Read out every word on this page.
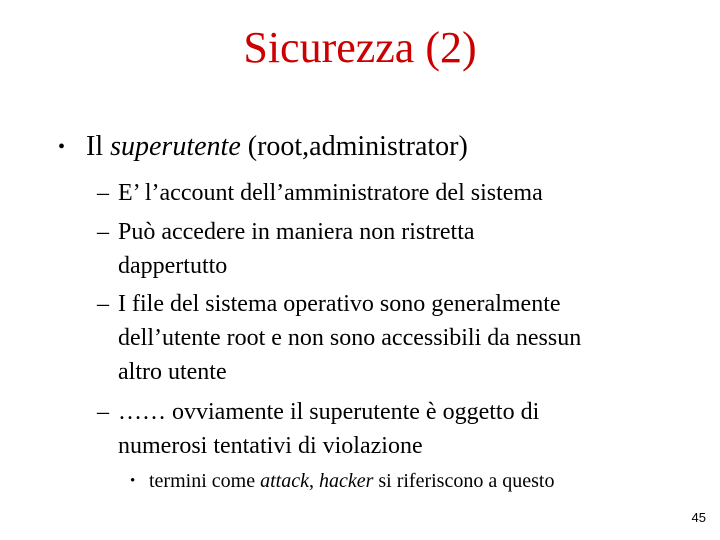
Sicurezza (2)
• Il superutente (root,administrator)
– E’ l’account dell’amministratore del sistema
– Può accedere in maniera non ristretta
dappertutto
– I file del sistema operativo sono generalmente
dell’utente root e non sono accessibili da nessun
altro utente
– …… ovviamente il superutente è oggetto di
numerosi tentativi di violazione
• termini come attack, hacker si riferiscono a questo
45
